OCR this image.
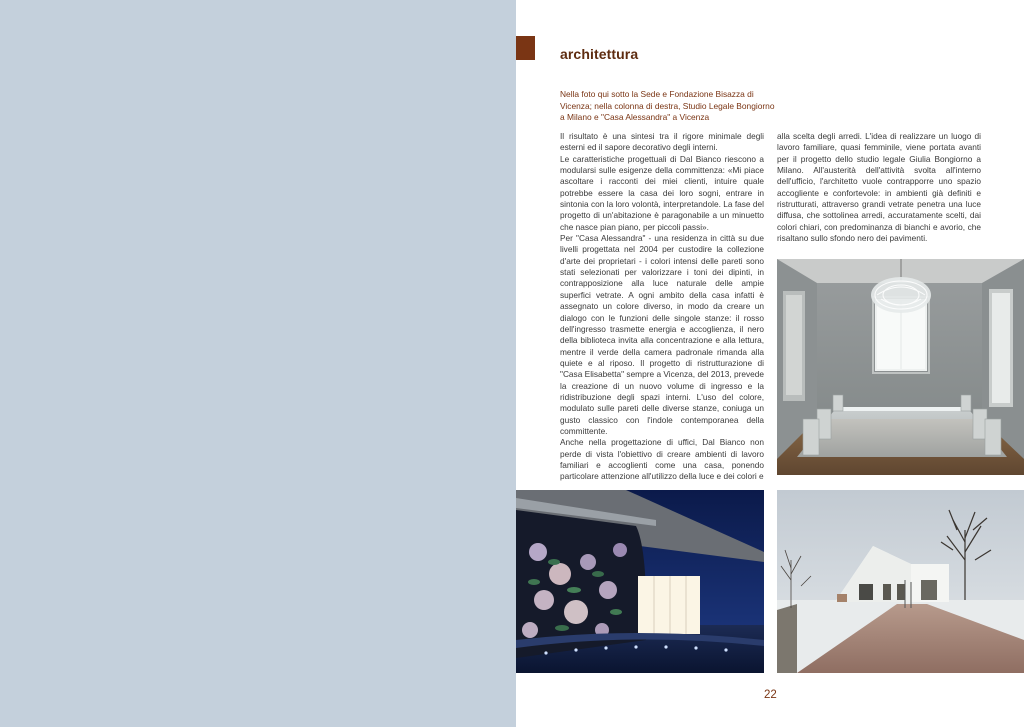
architettura
Nella foto qui sotto la Sede e Fondazione Bisazza di
Vicenza; nella colonna di destra, Studio Legale Bongiorno
a Milano e "Casa Alessandra" a Vicenza

Il risultato è una sintesi tra il rigore minimale degli esterni ed il sapore decorativo degli interni.

Le caratteristiche progettuali di Dal Bianco riescono a modularsi sulle esigenze della committenza: «Mi piace ascoltare i racconti dei miei clienti, intuire quale potrebbe essere la casa dei loro sogni, entrare in sintonia con la loro volontà, interpretandole. La fase del progetto di un'abitazione è paragonabile a un minuetto che nasce pian piano, per piccoli passi».

Per "Casa Alessandra" - una residenza in città su due livelli progettata nel 2004 per custodire la collezione d'arte dei proprietari - i colori intensi delle pareti sono stati selezionati per valorizzare i toni dei dipinti, in contrapposizione alla luce naturale delle ampie superfici vetrate. A ogni ambito della casa infatti è assegnato un colore diverso, in modo da creare un dialogo con le funzioni delle singole stanze: il rosso dell'ingresso trasmette energia e accoglienza, il nero della biblioteca invita alla concentrazione e alla lettura, mentre il verde della camera padronale rimanda alla quiete e al riposo. Il progetto di ristrutturazione di "Casa Elisabetta" sempre a Vicenza, del 2013, prevede la creazione di un nuovo volume di ingresso e la ridistribuzione degli spazi interni. L'uso del colore, modulato sulle pareti delle diverse stanze, coniuga un gusto classico con l'indole contemporanea della committente.

Anche nella progettazione di uffici, Dal Bianco non perde di vista l'obiettivo di creare ambienti di lavoro familiari e accoglienti come una casa, ponendo particolare attenzione all'utilizzo della luce e dei colori e

alla scelta degli arredi. L'idea di realizzare un luogo di lavoro familiare, quasi femminile, viene portata avanti per il progetto dello studio legale Giulia Bongiorno a Milano. All'austerità dell'attività svolta all'interno dell'ufficio, l'architetto vuole contrapporre uno spazio accogliente e confortevole: in ambienti già definiti e ristrutturati, attraverso grandi vetrate penetra una luce diffusa, che sottolinea arredi, accuratamente scelti, dai colori chiari, con predominanza di bianchi e avorio, che risaltano sullo sfondo nero dei pavimenti.

22
